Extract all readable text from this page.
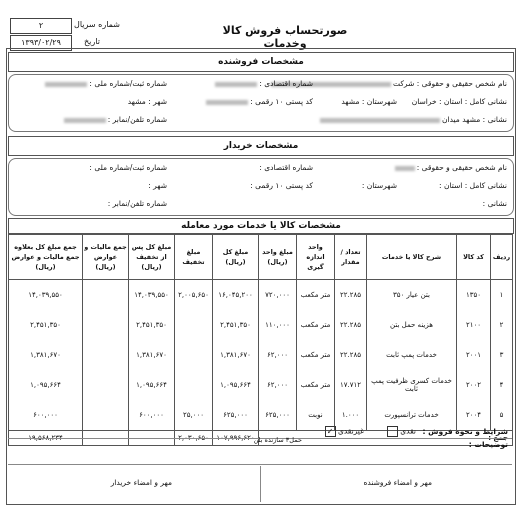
۲	شماره سریال
۱۳۹۳/۰۲/۲۹	تاریخ
صورتحساب فروش کالا وخدمات
مشخصات فروشنده
نام شخص حقیقی و حقوقی : شرکت
شماره اقتصادی :
شماره ثبت/شماره ملی :
نشانی کامل : استان : خراسان
شهرستان : مشهد
کد پستی ۱۰ رقمی :
شهر : مشهد
نشانی : مشهد میدان
شماره تلفن/نمابر :
مشخصات خریدار
نام شخص حقیقی و حقوقی :
شماره اقتصادی :
شماره ثبت/شماره ملی :
نشانی کامل : استان :
شهرستان :
کد پستی ۱۰ رقمی :
شهر :
نشانی :
شماره تلفن/نمابر :
مشخصات کالا یا خدمات مورد معامله
ردیف	کد کالا	شرح کالا یا خدمات	تعداد / مقدار	واحد اندازه گیری	مبلغ واحد (ریال)	مبلغ کل (ریال)	مبلغ تخفیف	مبلغ کل پس از تخفیف (ریال)	جمع مالیات و عوارض (ریال)	جمع مبلغ کل بعلاوه جمع مالیات و عوارض (ریال)
۱	۱۳۵۰	بتن عیار ۳۵۰	۲۲.۲۸۵	متر مکعب	۷۲۰,۰۰۰	۱۶,۰۴۵,۲۰۰	۲,۰۰۵,۶۵۰	۱۴,۰۳۹,۵۵۰		۱۴,۰۳۹,۵۵۰
۲	۲۱۰۰	هزینه حمل بتن	۲۲.۲۸۵	متر مکعب	۱۱۰,۰۰۰	۲,۴۵۱,۳۵۰		۲,۴۵۱,۳۵۰		۲,۴۵۱,۳۵۰
۳	۲۰۰۱	خدمات پمپ ثابت	۲۲.۲۸۵	متر مکعب	۶۲,۰۰۰	۱,۳۸۱,۶۷۰		۱,۳۸۱,۶۷۰		۱,۳۸۱,۶۷۰
۴	۲۰۰۲	خدمات کسری ظرفیت پمپ ثابت	۱۷.۷۱۲	متر مکعب	۶۲,۰۰۰	۱,۰۹۵,۶۶۴		۱,۰۹۵,۶۶۴		۱,۰۹۵,۶۶۴
۵	۲۰۰۴	خدمات ترانسپورت	۱.۰۰۰	نوبت	۶۲۵,۰۰۰	۶۲۵,۰۰۰	۲۵,۰۰۰	۶۰۰,۰۰۰		۶۰۰,۰۰۰
جمع :						۱۰۷,۹۹۶,۶۲۰	۲,۰۳۰,۶۵۰			۱۹,۵۶۸,۲۳۴
شرایط و نحوه فروش :
نقدی
غیرنقدی ✓
توضیحات :
حمل۳ سازنده بلن
مهر و امضاء فروشنده
مهر و امضاء خریدار
